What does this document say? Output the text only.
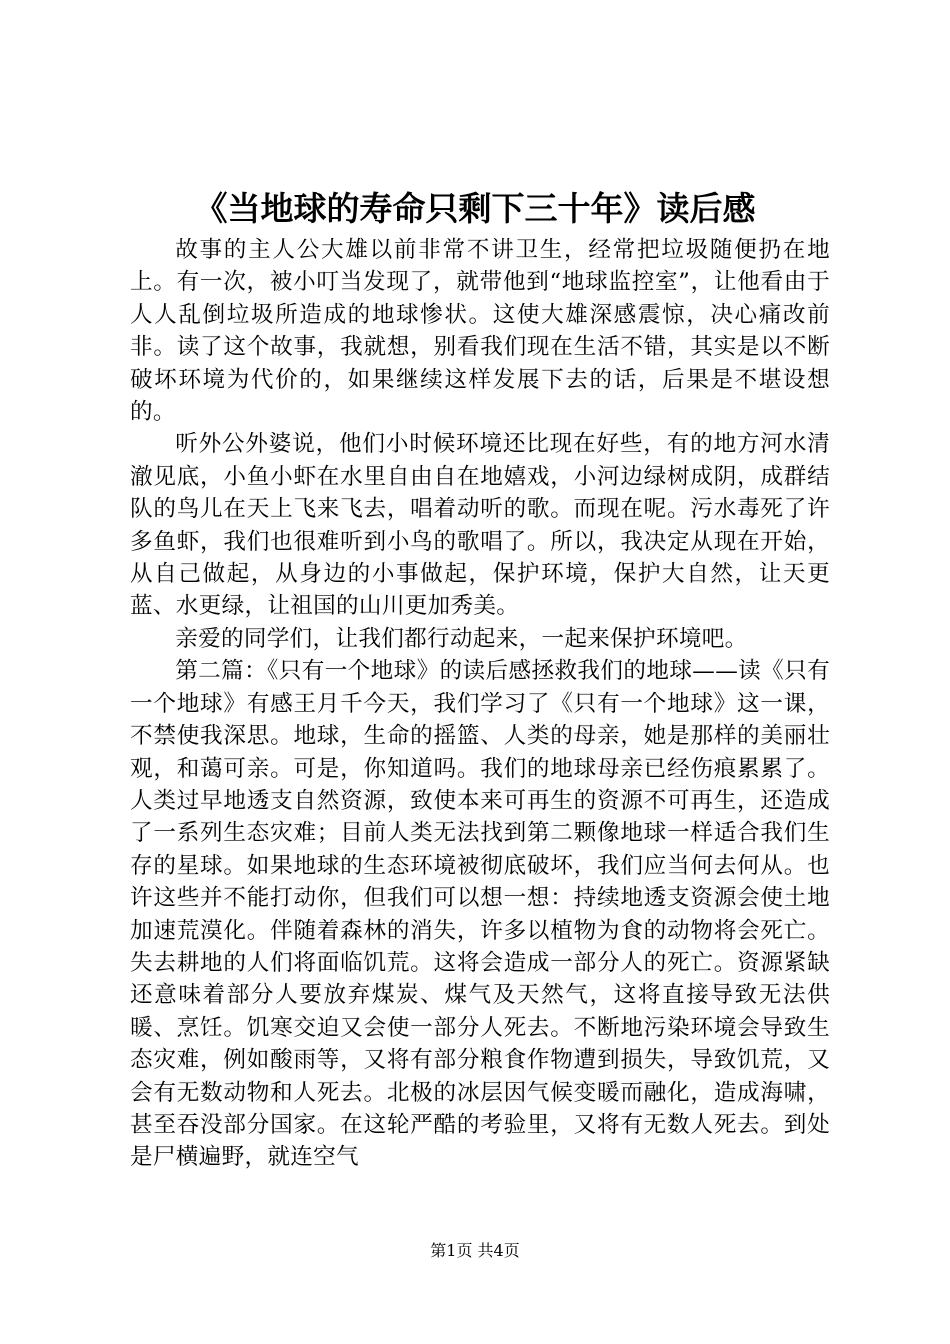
《当地球的寿命只剩下三十年》读后感

故事的主人公大雄以前非常不讲卫生，经常把垃圾随便扔在地上。有一次，被小叮当发现了，就带他到“地球监控室”，让他看由于人人乱倒垃圾所造成的地球惨状。这使大雄深感震惊，决心痛改前非。读了这个故事，我就想，别看我们现在生活不错，其实是以不断破坏环境为代价的，如果继续这样发展下去的话，后果是不堪设想的。

听外公外婆说，他们小时候环境还比现在好些，有的地方河水清澈见底，小鱼小虾在水里自由自在地嬉戏，小河边绿树成阴，成群结队的鸟儿在天上飞来飞去，唱着动听的歌。而现在呢。污水毒死了许多鱼虾，我们也很难听到小鸟的歌唱了。所以，我决定从现在开始，从自己做起，从身边的小事做起，保护环境，保护大自然，让天更蓝、水更绿，让祖国的山川更加秀美。

亲爱的同学们，让我们都行动起来，一起来保护环境吧。

第二篇：《只有一个地球》的读后感拯救我们的地球——读《只有一个地球》有感王月千今天，我们学习了《只有一个地球》这一课，不禁使我深思。地球，生命的摇篮、人类的母亲，她是那样的美丽壮观，和蔼可亲。可是，你知道吗。我们的地球母亲已经伤痕累累了。人类过早地透支自然资源，致使本来可再生的资源不可再生，还造成了一系列生态灾难；目前人类无法找到第二颗像地球一样适合我们生存的星球。如果地球的生态环境被彻底破坏，我们应当何去何从。也许这些并不能打动你，但我们可以想一想：持续地透支资源会使土地加速荒漠化。伴随着森林的消失，许多以植物为食的动物将会死亡。失去耕地的人们将面临饥荒。这将会造成一部分人的死亡。资源紧缺还意味着部分人要放弃煤炭、煤气及天然气，这将直接导致无法供暖、烹饪。饥寒交迫又会使一部分人死去。不断地污染环境会导致生态灾难，例如酸雨等，又将有部分粮食作物遭到损失，导致饥荒，又会有无数动物和人死去。北极的冰层因气候变暖而融化，造成海啸，甚至吞没部分国家。在这轮严酷的考验里，又将有无数人死去。到处是尸横遍野，就连空气

第1页 共4页
